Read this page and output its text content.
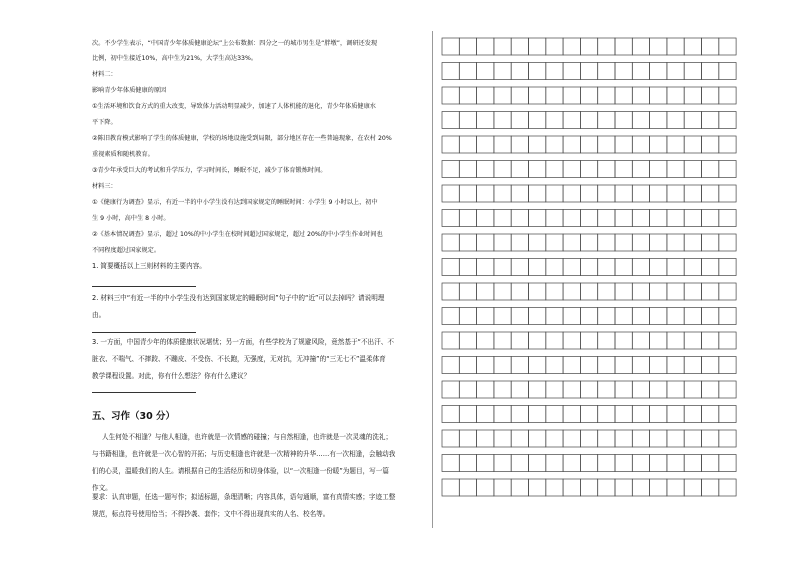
次。不少学生表示，“中国青少年体质健康论坛”上公布数据：四分之一的城市男生是“胖墩”，调研还发现
比例，初中生接近10%，高中生为21%，大学生高达33%。
材料二：
影响青少年体质健康的原因
①生活环境和饮食方式的重大改变，导致体力活动明显减少，加速了人体机能的退化，青少年体质健康水
平下降。
②陈旧教育模式影响了学生的体质健康，学校的场地设施受到局限，部分地区存在一些普遍现象，在农村 20%
重视素质和随机教育。
③青少年承受巨大的考试和升学压力，学习时间长，睡眠不足，减少了体育锻炼时间。
材料三：
①《健康行为调查》显示，有近一半的中小学生没有达到国家规定的睡眠时间：小学生 9 小时以上，初中
生 9 小时，高中生 8 小时。
②《基本情况调查》显示，超过 10%的中小学生在校时间超过国家规定，超过 20%的中小学生作业时间也
不同程度超过国家规定。
1. 简要概括以上三则材料的主要内容。
2. 材料三中“有近一半的中小学生没有达到国家规定的睡眠时间”句子中的“近”可以去掉吗？请说明理
由。
3. 一方面，中国青少年的体质健康状况堪忧；另一方面，有些学校为了规避风险，竟然基于“不出汗、不
脏衣、不喘气、不摔跤、不蹦皮、不受伤、不长跑，无强度，无对抗，无冲撞”的“三无七不”温柔体育
教学课程设置。对此，你有什么想法？你有什么建议？
五、习作（30 分）
人生何处不相逢？与他人相逢，也许就是一次情感的碰撞；与自然相逢，也许就是一次灵魂的洗礼；
与书籍相逢，也许就是一次心智的开拓；与历史相逢也许就是一次精神的升华……有一次相逢，会触动我
们的心灵，温暖我们的人生。请根据自己的生活经历和切身体验，以“一次相逢一份暖”为题目，写一篇
作文。
要求：认真审题，任选一题写作；拟适标题，条理清晰；内容具体，语句通顺，富有真情实感；字迹工整
规范，标点符号使用恰当；不得抄袭、套作；文中不得出现真实的人名、校名等。
